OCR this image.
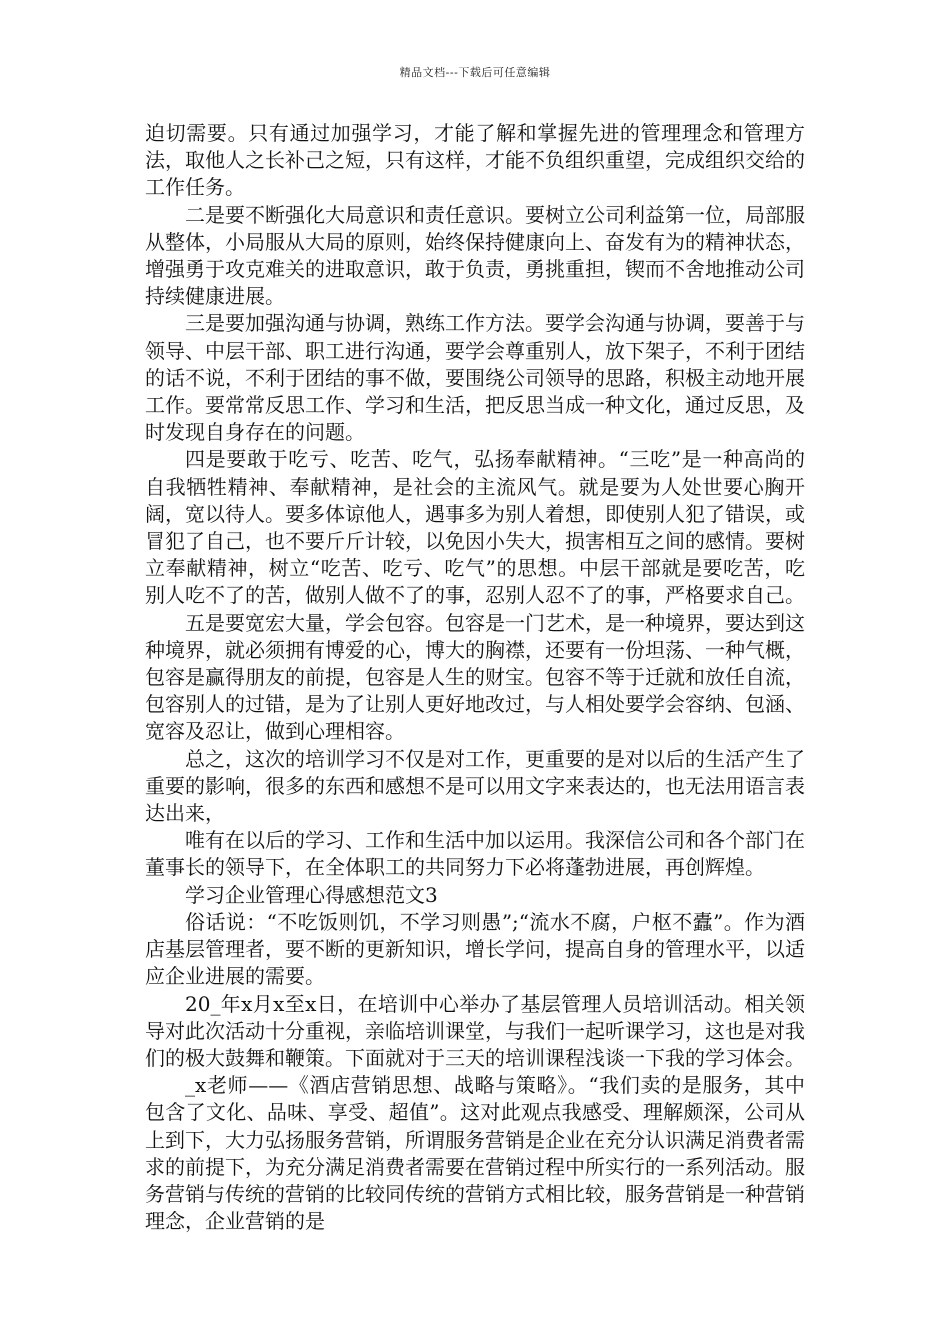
精品文档---下载后可任意编辑

迫切需要。只有通过加强学习，才能了解和掌握先进的管理理念和管理方法，取他人之长补己之短，只有这样，才能不负组织重望，完成组织交给的工作任务。

二是要不断强化大局意识和责任意识。要树立公司利益第一位，局部服从整体，小局服从大局的原则，始终保持健康向上、奋发有为的精神状态，增强勇于攻克难关的进取意识，敢于负责，勇挑重担，锲而不舍地推动公司持续健康进展。

三是要加强沟通与协调，熟练工作方法。要学会沟通与协调，要善于与领导、中层干部、职工进行沟通，要学会尊重别人，放下架子，不利于团结的话不说，不利于团结的事不做，要围绕公司领导的思路，积极主动地开展工作。要常常反思工作、学习和生活，把反思当成一种文化，通过反思，及时发现自身存在的问题。

四是要敢于吃亏、吃苦、吃气，弘扬奉献精神。“三吃”是一种高尚的自我牺牲精神、奉献精神，是社会的主流风气。就是要为人处世要心胸开阔，宽以待人。要多体谅他人，遇事多为别人着想，即使别人犯了错误，或冒犯了自己，也不要斤斤计较，以免因小失大，损害相互之间的感情。要树立奉献精神，树立“吃苦、吃亏、吃气”的思想。中层干部就是要吃苦，吃别人吃不了的苦，做别人做不了的事，忍别人忍不了的事，严格要求自己。

五是要宽宏大量，学会包容。包容是一门艺术，是一种境界，要达到这种境界，就必须拥有博爱的心，博大的胸襟，还要有一份坦荡、一种气概，包容是赢得朋友的前提，包容是人生的财宝。包容不等于迁就和放任自流，包容别人的过错，是为了让别人更好地改过，与人相处要学会容纳、包涵、宽容及忍让，做到心理相容。

总之，这次的培训学习不仅是对工作，更重要的是对以后的生活产生了重要的影响，很多的东西和感想不是可以用文字来表达的，也无法用语言表达出来，

唯有在以后的学习、工作和生活中加以运用。我深信公司和各个部门在董事长的领导下，在全体职工的共同努力下必将蓬勃进展，再创辉煌。

学习企业管理心得感想范文3

俗话说：“不吃饭则饥，不学习则愚”;“流水不腐，户枢不蠹”。作为酒店基层管理者，要不断的更新知识，增长学问，提高自身的管理水平，以适应企业进展的需要。

20_年x月x至x日，在培训中心举办了基层管理人员培训活动。相关领导对此次活动十分重视，亲临培训课堂，与我们一起听课学习，这也是对我们的极大鼓舞和鞭策。下面就对于三天的培训课程浅谈一下我的学习体会。

_x老师——《酒店营销思想、战略与策略》。“我们卖的是服务，其中包含了文化、品味、享受、超值”。这对此观点我感受、理解颇深，公司从上到下，大力弘扬服务营销，所谓服务营销是企业在充分认识满足消费者需求的前提下，为充分满足消费者需要在营销过程中所实行的一系列活动。服务营销与传统的营销的比较同传统的营销方式相比较，服务营销是一种营销理念，企业营销的是
